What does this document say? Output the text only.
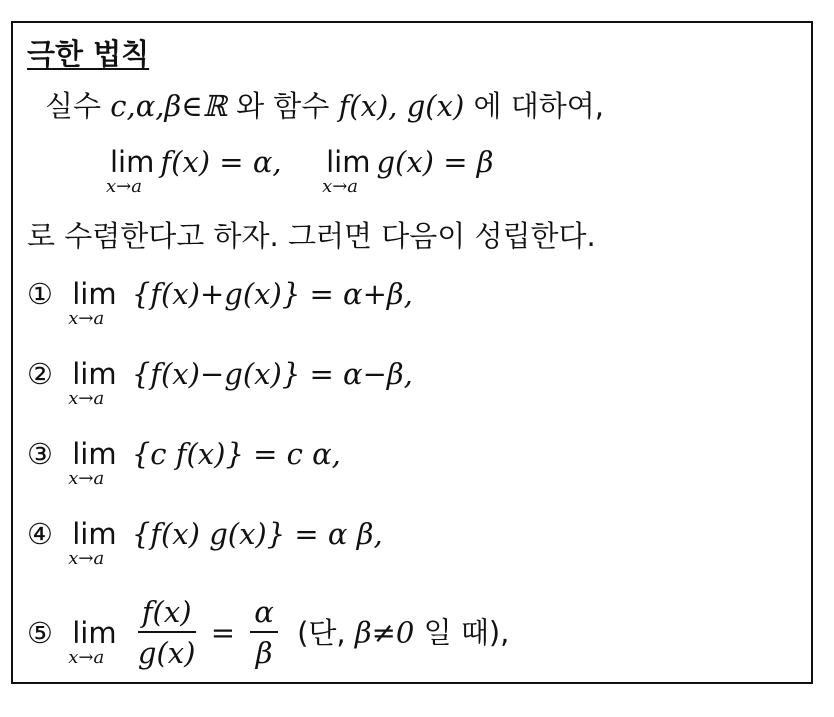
극한 법칙
실수 c,α,β∈ℝ 와 함수 f(x), g(x) 에 대하여,
lim
x→a
f(x) = α, lim
x→a
g(x) = β
로 수렴한다고 하자. 그러면 다음이 성립한다.
① lim
x→a
{f(x)+g(x)} = α+β,
② lim
x→a
{f(x)−g(x)} = α−β,
③ lim
x→a
{c f(x)} = c α,
④ lim
x→a
{f(x) g(x)} = α β,
⑤ lim
x→a
$\frac{f(x)}{g(x)} = \frac{\alpha}{\beta}$ (단, β≠0 일 때),
